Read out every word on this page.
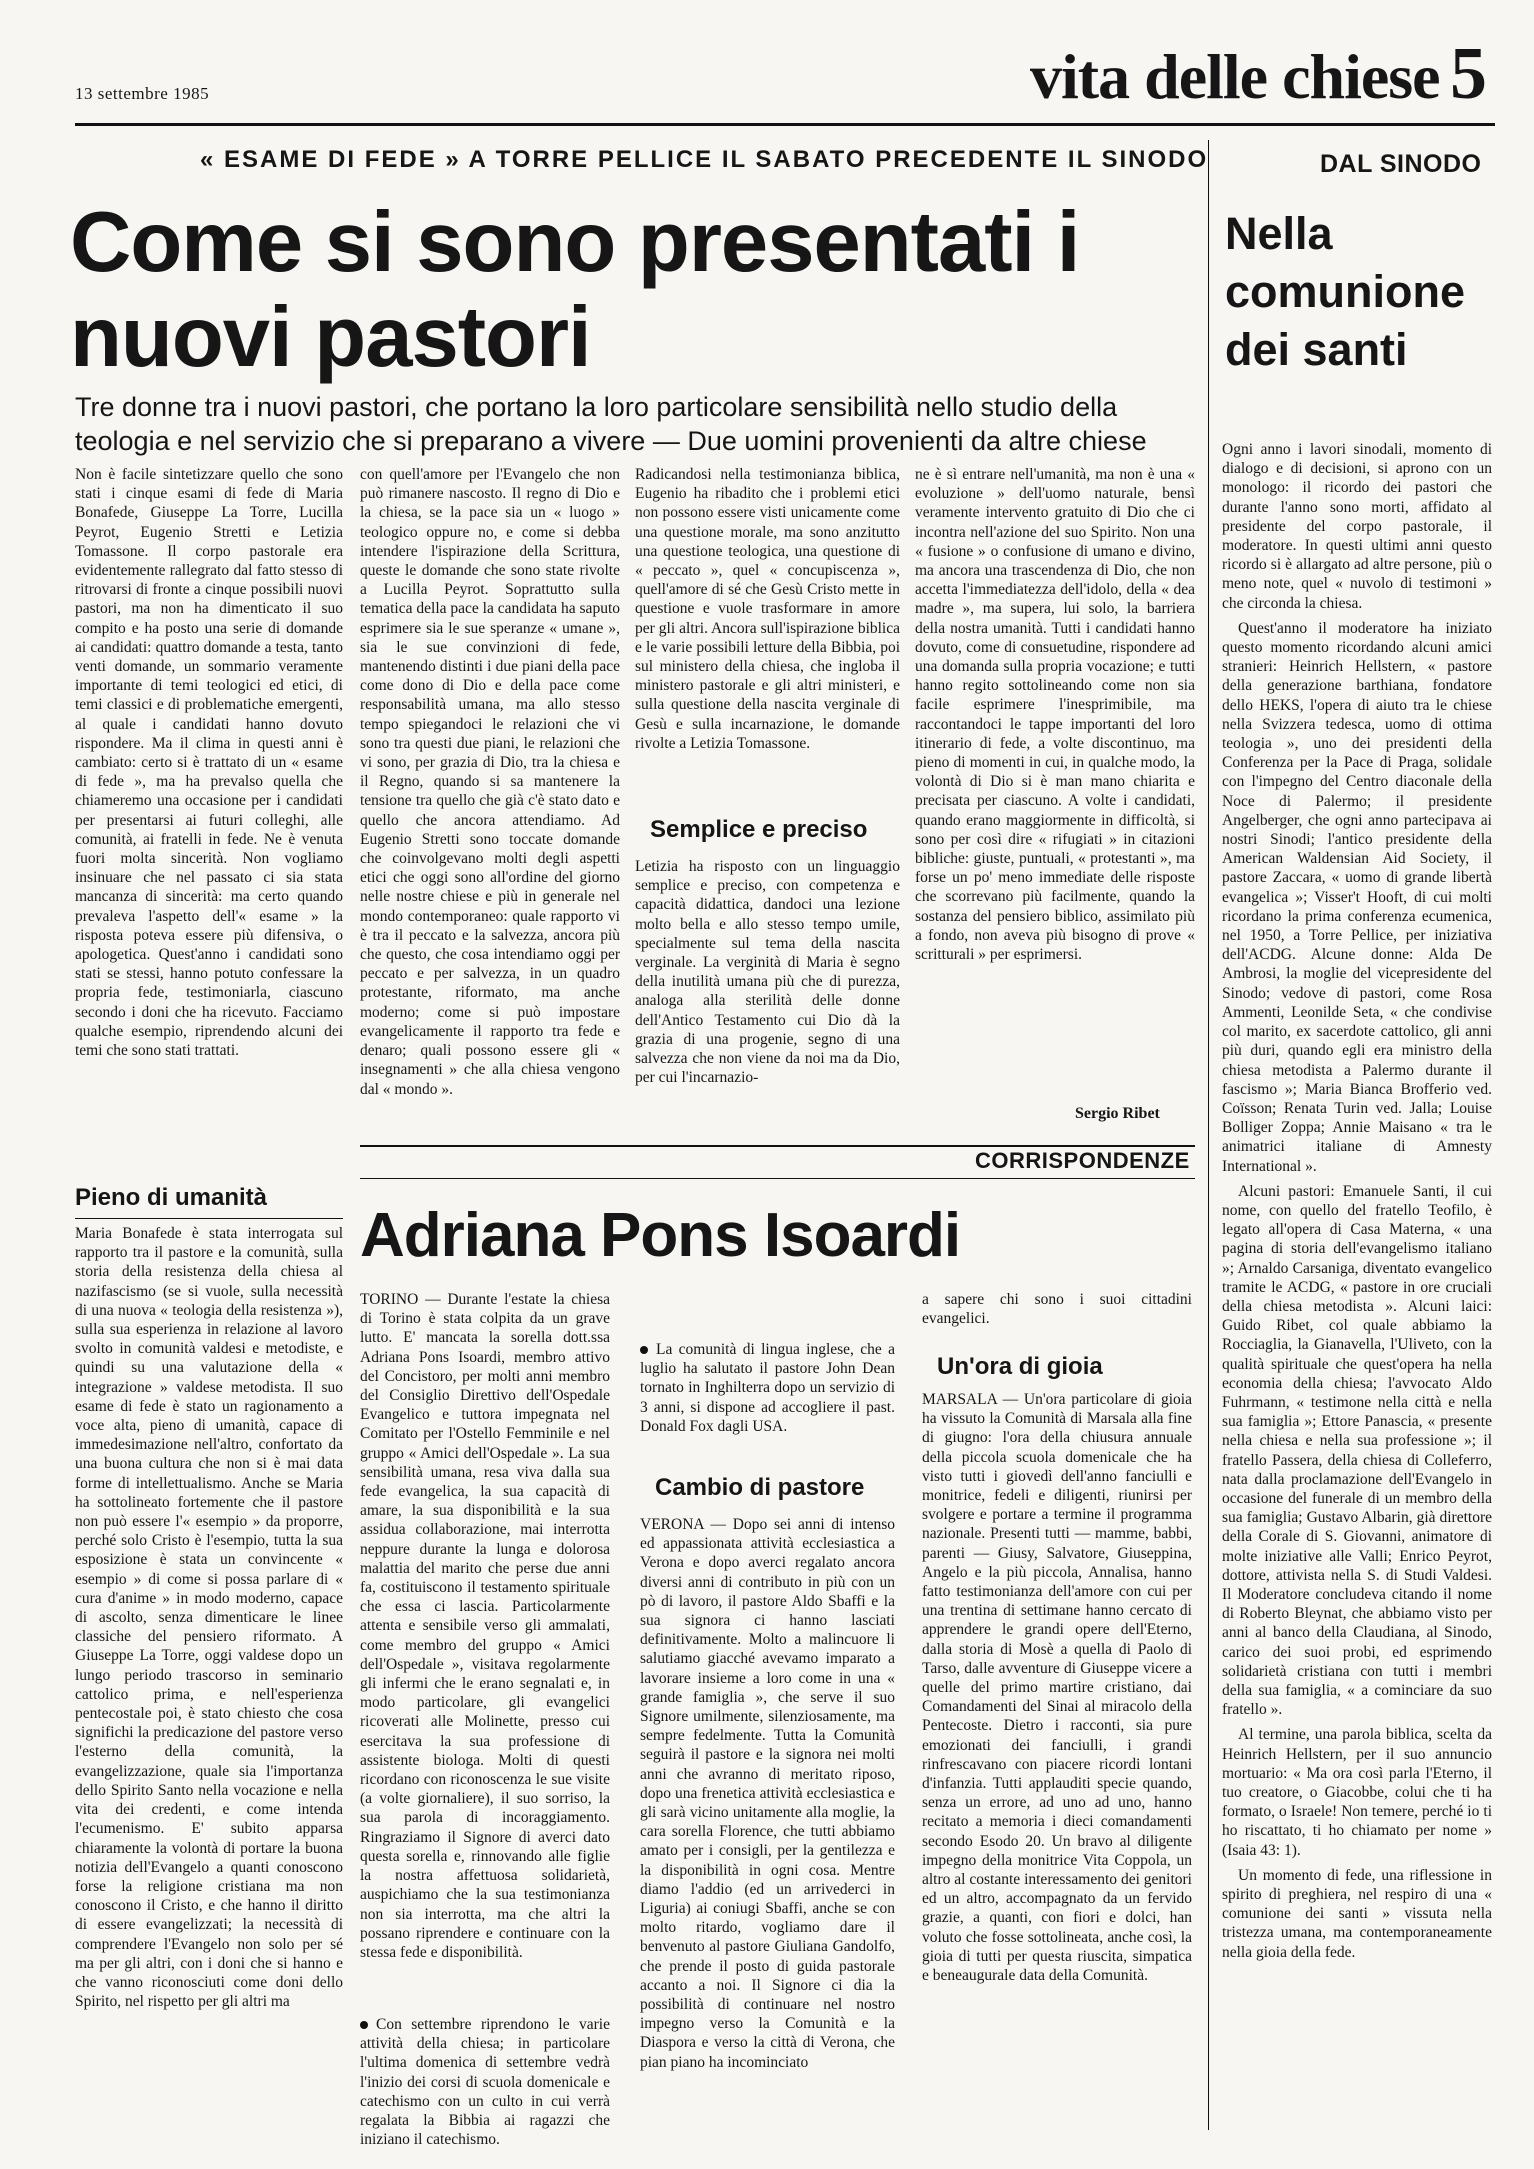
13 settembre 1985	vita delle chiese 5
« ESAME DI FEDE » A TORRE PELLICE IL SABATO PRECEDENTE IL SINODO	DAL SINODO
Come si sono presentati i nuovi pastori
Nella comunione dei santi
Tre donne tra i nuovi pastori, che portano la loro particolare sensibilità nello studio della teologia e nel servizio che si preparano a vivere — Due uomini provenienti da altre chiese

Non è facile sintetizzare quello che sono stati i cinque esami di fede di Maria Bonafede, Giuseppe La Torre, Lucilla Peyrot, Eugenio Stretti e Letizia Tomassone. Il corpo pastorale era evidentemente rallegrato dal fatto stesso di ritrovarsi di fronte a cinque possibili nuovi pastori, ma non ha dimenticato il suo compito e ha posto una serie di domande ai candidati: quattro domande a testa, tanto venti domande, un sommario veramente importante di temi teologici ed etici, di temi classici e di problematiche emergenti, al quale i candidati hanno dovuto rispondere. Ma il clima in questi anni è cambiato: certo si è trattato di un « esame di fede », ma ha prevalso quella che chiameremo una occasione per i candidati per presentarsi ai futuri colleghi, alle comunità, ai fratelli in fede. Ne è venuta fuori molta sincerità. Non vogliamo insinuare che nel passato ci sia stata mancanza di sincerità: ma certo quando prevaleva l'aspetto dell'« esame » la risposta poteva essere più difensiva, o apologetica. Quest'anno i candidati sono stati se stessi, hanno potuto confessare la propria fede, testimoniarla, ciascuno secondo i doni che ha ricevuto. Facciamo qualche esempio, riprendendo alcuni dei temi che sono stati trattati.

Pieno di umanità

Maria Bonafede è stata interrogata sul rapporto tra il pastore e la comunità, sulla storia della resistenza della chiesa al nazifascismo (se si vuole, sulla necessità di una nuova « teologia della resistenza »), sulla sua esperienza in relazione al lavoro svolto in comunità valdesi e metodiste, e quindi su una valutazione della « integrazione » valdese metodista. Il suo esame di fede è stato un ragionamento a voce alta, pieno di umanità, capace di immedesimazione nell'altro, confortato da una buona cultura che non si è mai data forme di intellettualismo. Anche se Maria ha sottolineato fortemente che il pastore non può essere l'« esempio » da proporre, perché solo Cristo è l'esempio, tutta la sua esposizione è stata un convincente « esempio » di come si possa parlare di « cura d'anime » in modo moderno, capace di ascolto, senza dimenticare le linee classiche del pensiero riformato. A Giuseppe La Torre, oggi valdese dopo un lungo periodo trascorso in seminario cattolico prima, e nell'esperienza pentecostale poi, è stato chiesto che cosa significhi la predicazione del pastore verso l'esterno della comunità, la evangelizzazione, quale sia l'importanza dello Spirito Santo nella vocazione e nella vita dei credenti, e come intenda l'ecumenismo. E' subito apparsa chiaramente la volontà di portare la buona notizia dell'Evangelo a quanti conoscono forse la religione cristiana ma non conoscono il Cristo, e che hanno il diritto di essere evangelizzati; la necessità di comprendere l'Evangelo non solo per sé ma per gli altri, con i doni che si hanno e che vanno riconosciuti come doni dello Spirito, nel rispetto per gli altri ma

con quell'amore per l'Evangelo che non può rimanere nascosto. Il regno di Dio e la chiesa, se la pace sia un « luogo » teologico oppure no, e come si debba intendere l'ispirazione della Scrittura, queste le domande che sono state rivolte a Lucilla Peyrot. Soprattutto sulla tematica della pace la candidata ha saputo esprimere sia le sue speranze « umane », sia le sue convinzioni di fede, mantenendo distinti i due piani della pace come dono di Dio e della pace come responsabilità umana, ma allo stesso tempo spiegandoci le relazioni che vi sono tra questi due piani, le relazioni che vi sono, per grazia di Dio, tra la chiesa e il Regno, quando si sa mantenere la tensione tra quello che già c'è stato dato e quello che ancora attendiamo. Ad Eugenio Stretti sono toccate domande che coinvolgevano molti degli aspetti etici che oggi sono all'ordine del giorno nelle nostre chiese e più in generale nel mondo contemporaneo: quale rapporto vi è tra il peccato e la salvezza, ancora più che questo, che cosa intendiamo oggi per peccato e per salvezza, in un quadro protestante, riformato, ma anche moderno; come si può impostare evangelicamente il rapporto tra fede e denaro; quali possono essere gli « insegnamenti » che alla chiesa vengono dal « mondo ».

Radicandosi nella testimonianza biblica, Eugenio ha ribadito che i problemi etici non possono essere visti unicamente come una questione morale, ma sono anzitutto una questione teologica, una questione di « peccato », quel « concupiscenza », quell'amore di sé che Gesù Cristo mette in questione e vuole trasformare in amore per gli altri. Ancora sull'ispirazione biblica e le varie possibili letture della Bibbia, poi sul ministero della chiesa, che ingloba il ministero pastorale e gli altri ministeri, e sulla questione della nascita verginale di Gesù e sulla incarnazione, le domande rivolte a Letizia Tomassone.

Semplice e preciso

Letizia ha risposto con un linguaggio semplice e preciso, con competenza e capacità didattica, dandoci una lezione molto bella e allo stesso tempo umile, specialmente sul tema della nascita verginale. La verginità di Maria è segno della inutilità umana più che di purezza, analoga alla sterilità delle donne dell'Antico Testamento cui Dio dà la grazia di una progenie, segno di una salvezza che non viene da noi ma da Dio, per cui l'incarnazio-

ne è sì entrare nell'umanità, ma non è una « evoluzione » dell'uomo naturale, bensì veramente intervento gratuito di Dio che ci incontra nell'azione del suo Spirito. Non una « fusione » o confusione di umano e divino, ma ancora una trascendenza di Dio, che non accetta l'immediatezza dell'idolo, della « dea madre », ma supera, lui solo, la barriera della nostra umanità. Tutti i candidati hanno dovuto, come di consuetudine, rispondere ad una domanda sulla propria vocazione; e tutti hanno regito sottolineando come non sia facile esprimere l'inesprimibile, ma raccontandoci le tappe importanti del loro itinerario di fede, a volte discontinuo, ma pieno di momenti in cui, in qualche modo, la volontà di Dio si è man mano chiarita e precisata per ciascuno. A volte i candidati, quando erano maggiormente in difficoltà, si sono per così dire « rifugiati » in citazioni bibliche: giuste, puntuali, « protestanti », ma forse un po' meno immediate delle risposte che scorrevano più facilmente, quando la sostanza del pensiero biblico, assimilato più a fondo, non aveva più bisogno di prove « scritturali » per esprimersi.

Sergio Ribet
CORRISPONDENZE
Adriana Pons Isoardi

TORINO — Durante l'estate la chiesa di Torino è stata colpita da un grave lutto. E' mancata la sorella dott.ssa Adriana Pons Isoardi, membro attivo del Concistoro, per molti anni membro del Consiglio Direttivo dell'Ospedale Evangelico e tuttora impegnata nel Comitato per l'Ostello Femminile e nel gruppo « Amici dell'Ospedale ». La sua sensibilità umana, resa viva dalla sua fede evangelica, la sua capacità di amare, la sua disponibilità e la sua assidua collaborazione, mai interrotta neppure durante la lunga e dolorosa malattia del marito che perse due anni fa, costituiscono il testamento spirituale che essa ci lascia. Particolarmente attenta e sensibile verso gli ammalati, come membro del gruppo « Amici dell'Ospedale », visitava regolarmente gli infermi che le erano segnalati e, in modo particolare, gli evangelici ricoverati alle Molinette, presso cui esercitava la sua professione di assistente biologa. Molti di questi ricordano con riconoscenza le sue visite (a volte giornaliere), il suo sorriso, la sua parola di incoraggiamento. Ringraziamo il Signore di averci dato questa sorella e, rinnovando alle figlie la nostra affettuosa solidarietà, auspichiamo che la sua testimonianza non sia interrotta, ma che altri la possano riprendere e continuare con la stessa fede e disponibilità.

Con settembre riprendono le varie attività della chiesa; in particolare l'ultima domenica di settembre vedrà l'inizio dei corsi di scuola domenicale e catechismo con un culto in cui verrà regalata la Bibbia ai ragazzi che iniziano il catechismo.

La comunità di lingua inglese, che a luglio ha salutato il pastore John Dean tornato in Inghilterra dopo un servizio di 3 anni, si dispone ad accogliere il past. Donald Fox dagli USA.

Cambio di pastore

VERONA — Dopo sei anni di intenso ed appassionata attività ecclesiastica a Verona e dopo averci regalato ancora diversi anni di contributo in più con un pò di lavoro, il pastore Aldo Sbaffi e la sua signora ci hanno lasciati definitivamente. Molto a malincuore li salutiamo giacché avevamo imparato a lavorare insieme a loro come in una « grande famiglia », che serve il suo Signore umilmente, silenziosamente, ma sempre fedelmente. Tutta la Comunità seguirà il pastore e la signora nei molti anni che avranno di meritato riposo, dopo una frenetica attività ecclesiastica e gli sarà vicino unitamente alla moglie, la cara sorella Florence, che tutti abbiamo amato per i consigli, per la gentilezza e la disponibilità in ogni cosa. Mentre diamo l'addio (ed un arrivederci in Liguria) ai coniugi Sbaffi, anche se con molto ritardo, vogliamo dare il benvenuto al pastore Giuliana Gandolfo, che prende il posto di guida pastorale accanto a noi. Il Signore ci dia la possibilità di continuare nel nostro impegno verso la Comunità e la Diaspora e verso la città di Verona, che pian piano ha incominciato

a sapere chi sono i suoi cittadini evangelici.

Un'ora di gioia

MARSALA — Un'ora particolare di gioia ha vissuto la Comunità di Marsala alla fine di giugno: l'ora della chiusura annuale della piccola scuola domenicale che ha visto tutti i giovedì dell'anno fanciulli e monitrice, fedeli e diligenti, riunirsi per svolgere e portare a termine il programma nazionale. Presenti tutti — mamme, babbi, parenti — Giusy, Salvatore, Giuseppina, Angelo e la più piccola, Annalisa, hanno fatto testimonianza dell'amore con cui per una trentina di settimane hanno cercato di apprendere le grandi opere dell'Eterno, dalla storia di Mosè a quella di Paolo di Tarso, dalle avventure di Giuseppe vicere a quelle del primo martire cristiano, dai Comandamenti del Sinai al miracolo della Pentecoste. Dietro i racconti, sia pure emozionati dei fanciulli, i grandi rinfrescavano con piacere ricordi lontani d'infanzia. Tutti applauditi specie quando, senza un errore, ad uno ad uno, hanno recitato a memoria i dieci comandamenti secondo Esodo 20. Un bravo al diligente impegno della monitrice Vita Coppola, un altro al costante interessamento dei genitori ed un altro, accompagnato da un fervido grazie, a quanti, con fiori e dolci, han voluto che fosse sottolineata, anche così, la gioia di tutti per questa riuscita, simpatica e beneaugurale data della Comunità.

Ogni anno i lavori sinodali, momento di dialogo e di decisioni, si aprono con un monologo: il ricordo dei pastori che durante l'anno sono morti, affidato al presidente del corpo pastorale, il moderatore. In questi ultimi anni questo ricordo si è allargato ad altre persone, più o meno note, quel « nuvolo di testimoni » che circonda la chiesa.

Quest'anno il moderatore ha iniziato questo momento ricordando alcuni amici stranieri: Heinrich Hellstern, « pastore della generazione barthiana, fondatore dello HEKS, l'opera di aiuto tra le chiese nella Svizzera tedesca, uomo di ottima teologia », uno dei presidenti della Conferenza per la Pace di Praga, solidale con l'impegno del Centro diaconale della Noce di Palermo; il presidente Angelberger, che ogni anno partecipava ai nostri Sinodi; l'antico presidente della American Waldensian Aid Society, il pastore Zaccara, « uomo di grande libertà evangelica »; Visser't Hooft, di cui molti ricordano la prima conferenza ecumenica, nel 1950, a Torre Pellice, per iniziativa dell'ACDG. Alcune donne: Alda De Ambrosi, la moglie del vicepresidente del Sinodo; vedove di pastori, come Rosa Ammenti, Leonilde Seta, « che condivise col marito, ex sacerdote cattolico, gli anni più duri, quando egli era ministro della chiesa metodista a Palermo durante il fascismo »; Maria Bianca Brofferio ved. Coïsson; Renata Turin ved. Jalla; Louise Bolliger Zoppa; Annie Maisano « tra le animatrici italiane di Amnesty International ».

Alcuni pastori: Emanuele Santi, il cui nome, con quello del fratello Teofilo, è legato all'opera di Casa Materna, « una pagina di storia dell'evangelismo italiano »; Arnaldo Carsaniga, diventato evangelico tramite le ACDG, « pastore in ore cruciali della chiesa metodista ». Alcuni laici: Guido Ribet, col quale abbiamo la Rocciaglia, la Gianavella, l'Uliveto, con la qualità spirituale che quest'opera ha nella economia della chiesa; l'avvocato Aldo Fuhrmann, « testimone nella città e nella sua famiglia »; Ettore Panascia, « presente nella chiesa e nella sua professione »; il fratello Passera, della chiesa di Colleferro, nata dalla proclamazione dell'Evangelo in occasione del funerale di un membro della sua famiglia; Gustavo Albarin, già direttore della Corale di S. Giovanni, animatore di molte iniziative alle Valli; Enrico Peyrot, dottore, attivista nella S. di Studi Valdesi. Il Moderatore concludeva citando il nome di Roberto Bleynat, che abbiamo visto per anni al banco della Claudiana, al Sinodo, carico dei suoi probi, ed esprimendo solidarietà cristiana con tutti i membri della sua famiglia, « a cominciare da suo fratello ».

Al termine, una parola biblica, scelta da Heinrich Hellstern, per il suo annuncio mortuario: « Ma ora così parla l'Eterno, il tuo creatore, o Giacobbe, colui che ti ha formato, o Israele! Non temere, perché io ti ho riscattato, ti ho chiamato per nome » (Isaia 43: 1).

Un momento di fede, una riflessione in spirito di preghiera, nel respiro di una « comunione dei santi » vissuta nella tristezza umana, ma contemporaneamente nella gioia della fede.
